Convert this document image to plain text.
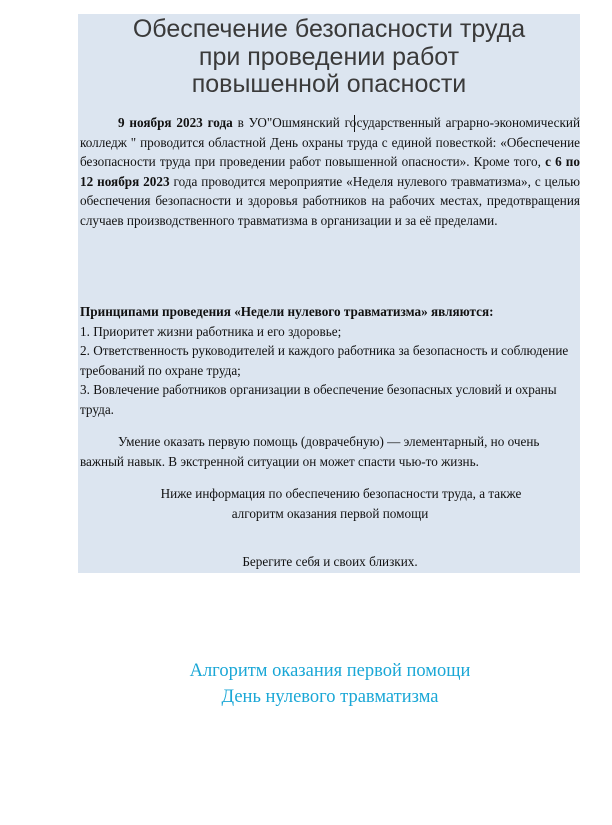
Обеспечение безопасности труда
при проведении работ
повышенной опасности
9 ноября 2023 года в УО"Ошмянский государственный аграрно-экономический колледж " проводится областной День охраны труда с единой повесткой: «Обеспечение безопасности труда при проведении работ повышенной опасности». Кроме того, с 6 по 12 ноября 2023 года проводится мероприятие «Неделя нулевого травматизма», с целью обеспечения безопасности и здоровья работников на рабочих местах, предотвращения случаев производственного травматизма в организации и за её пределами.
Принципами проведения «Недели нулевого травматизма» являются:
1. Приоритет жизни работника и его здоровье;
2. Ответственность руководителей и каждого работника за безопасность и соблюдение требований по охране труда;
3. Вовлечение работников организации в обеспечение безопасных условий и охраны труда.
Умение оказать первую помощь (доврачебную) — элементарный, но очень важный навык. В экстренной ситуации он может спасти чью-то жизнь.
Ниже информация по обеспечению безопасности труда, а также
алгоритм оказания первой помощи
Берегите себя и своих близких.
Алгоритм оказания первой помощи
День нулевого травматизма
